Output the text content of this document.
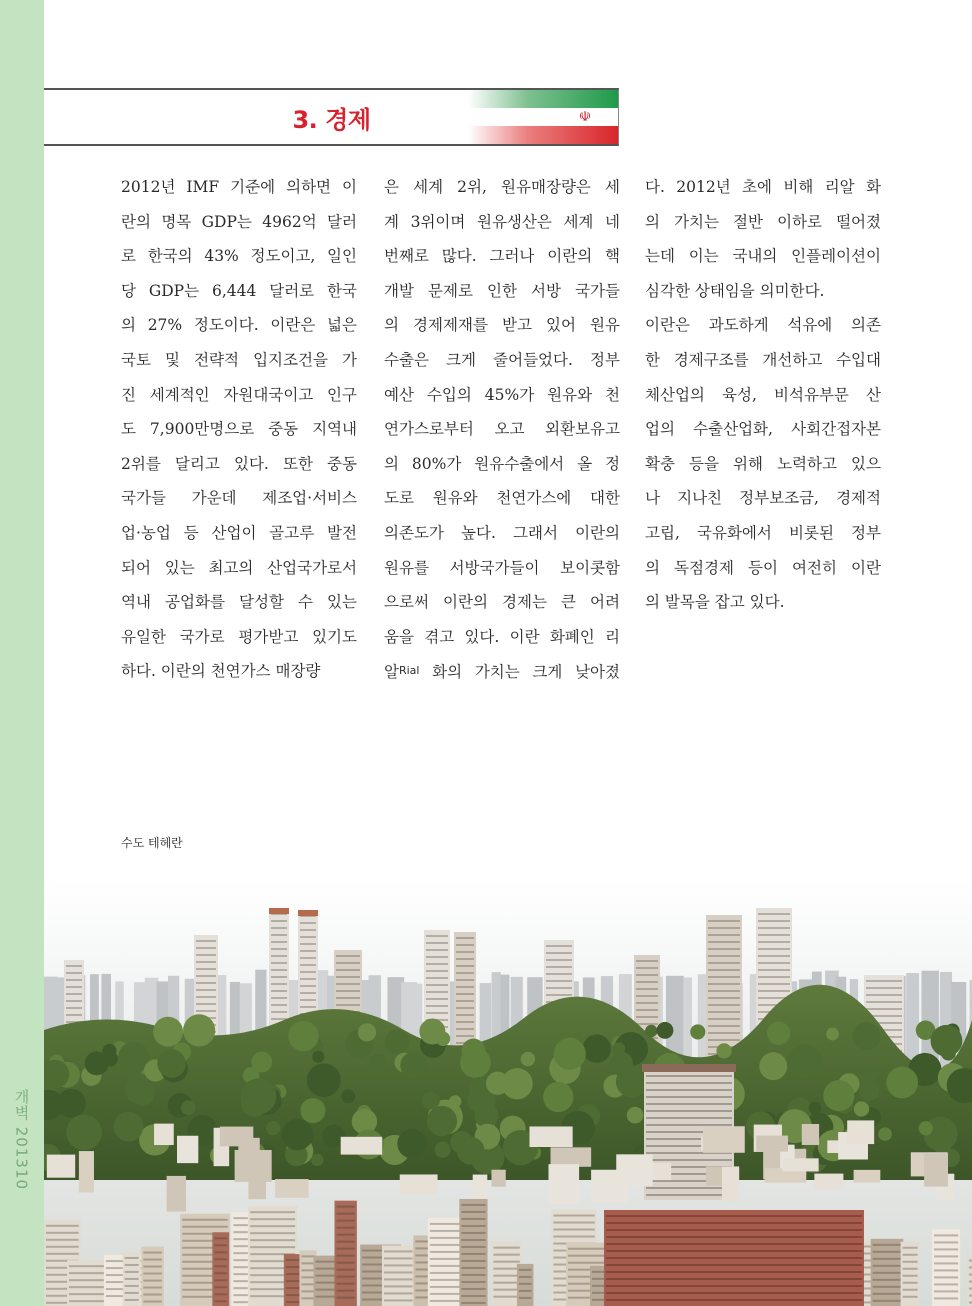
개벽 201310
☫
3. 경제

2012년 IMF 기준에 의하면 이

란의 명목 GDP는 4962억 달러

로 한국의 43% 정도이고, 일인

당 GDP는 6,444 달러로 한국

의 27% 정도이다. 이란은 넓은

국토 및 전략적 입지조건을 가

진 세계적인 자원대국이고 인구

도 7,900만명으로 중동 지역내

2위를 달리고 있다. 또한 중동

국가들 가운데 제조업·서비스

업·농업 등 산업이 골고루 발전

되어 있는 최고의 산업국가로서

역내 공업화를 달성할 수 있는

유일한 국가로 평가받고 있기도

하다. 이란의 천연가스 매장량

은 세계 2위, 원유매장량은 세

계 3위이며 원유생산은 세계 네

번째로 많다. 그러나 이란의 핵

개발 문제로 인한 서방 국가들

의 경제제재를 받고 있어 원유

수출은 크게 줄어들었다. 정부

예산 수입의 45%가 원유와 천

연가스로부터 오고 외환보유고

의 80%가 원유수출에서 올 정

도로 원유와 천연가스에 대한

의존도가 높다. 그래서 이란의

원유를 서방국가들이 보이콧함

으로써 이란의 경제는 큰 어려

움을 겪고 있다. 이란 화폐인 리

알$^{Rial}$ 화의 가치는 크게 낮아졌

다. 2012년 초에 비해 리알 화

의 가치는 절반 이하로 떨어졌

는데 이는 국내의 인플레이션이

심각한 상태임을 의미한다.

이란은 과도하게 석유에 의존

한 경제구조를 개선하고 수입대

체산업의 육성, 비석유부문 산

업의 수출산업화, 사회간접자본

확충 등을 위해 노력하고 있으

나 지나친 정부보조금, 경제적

고립, 국유화에서 비롯된 정부

의 독점경제 등이 여전히 이란

의 발목을 잡고 있다.

수도 테헤란
